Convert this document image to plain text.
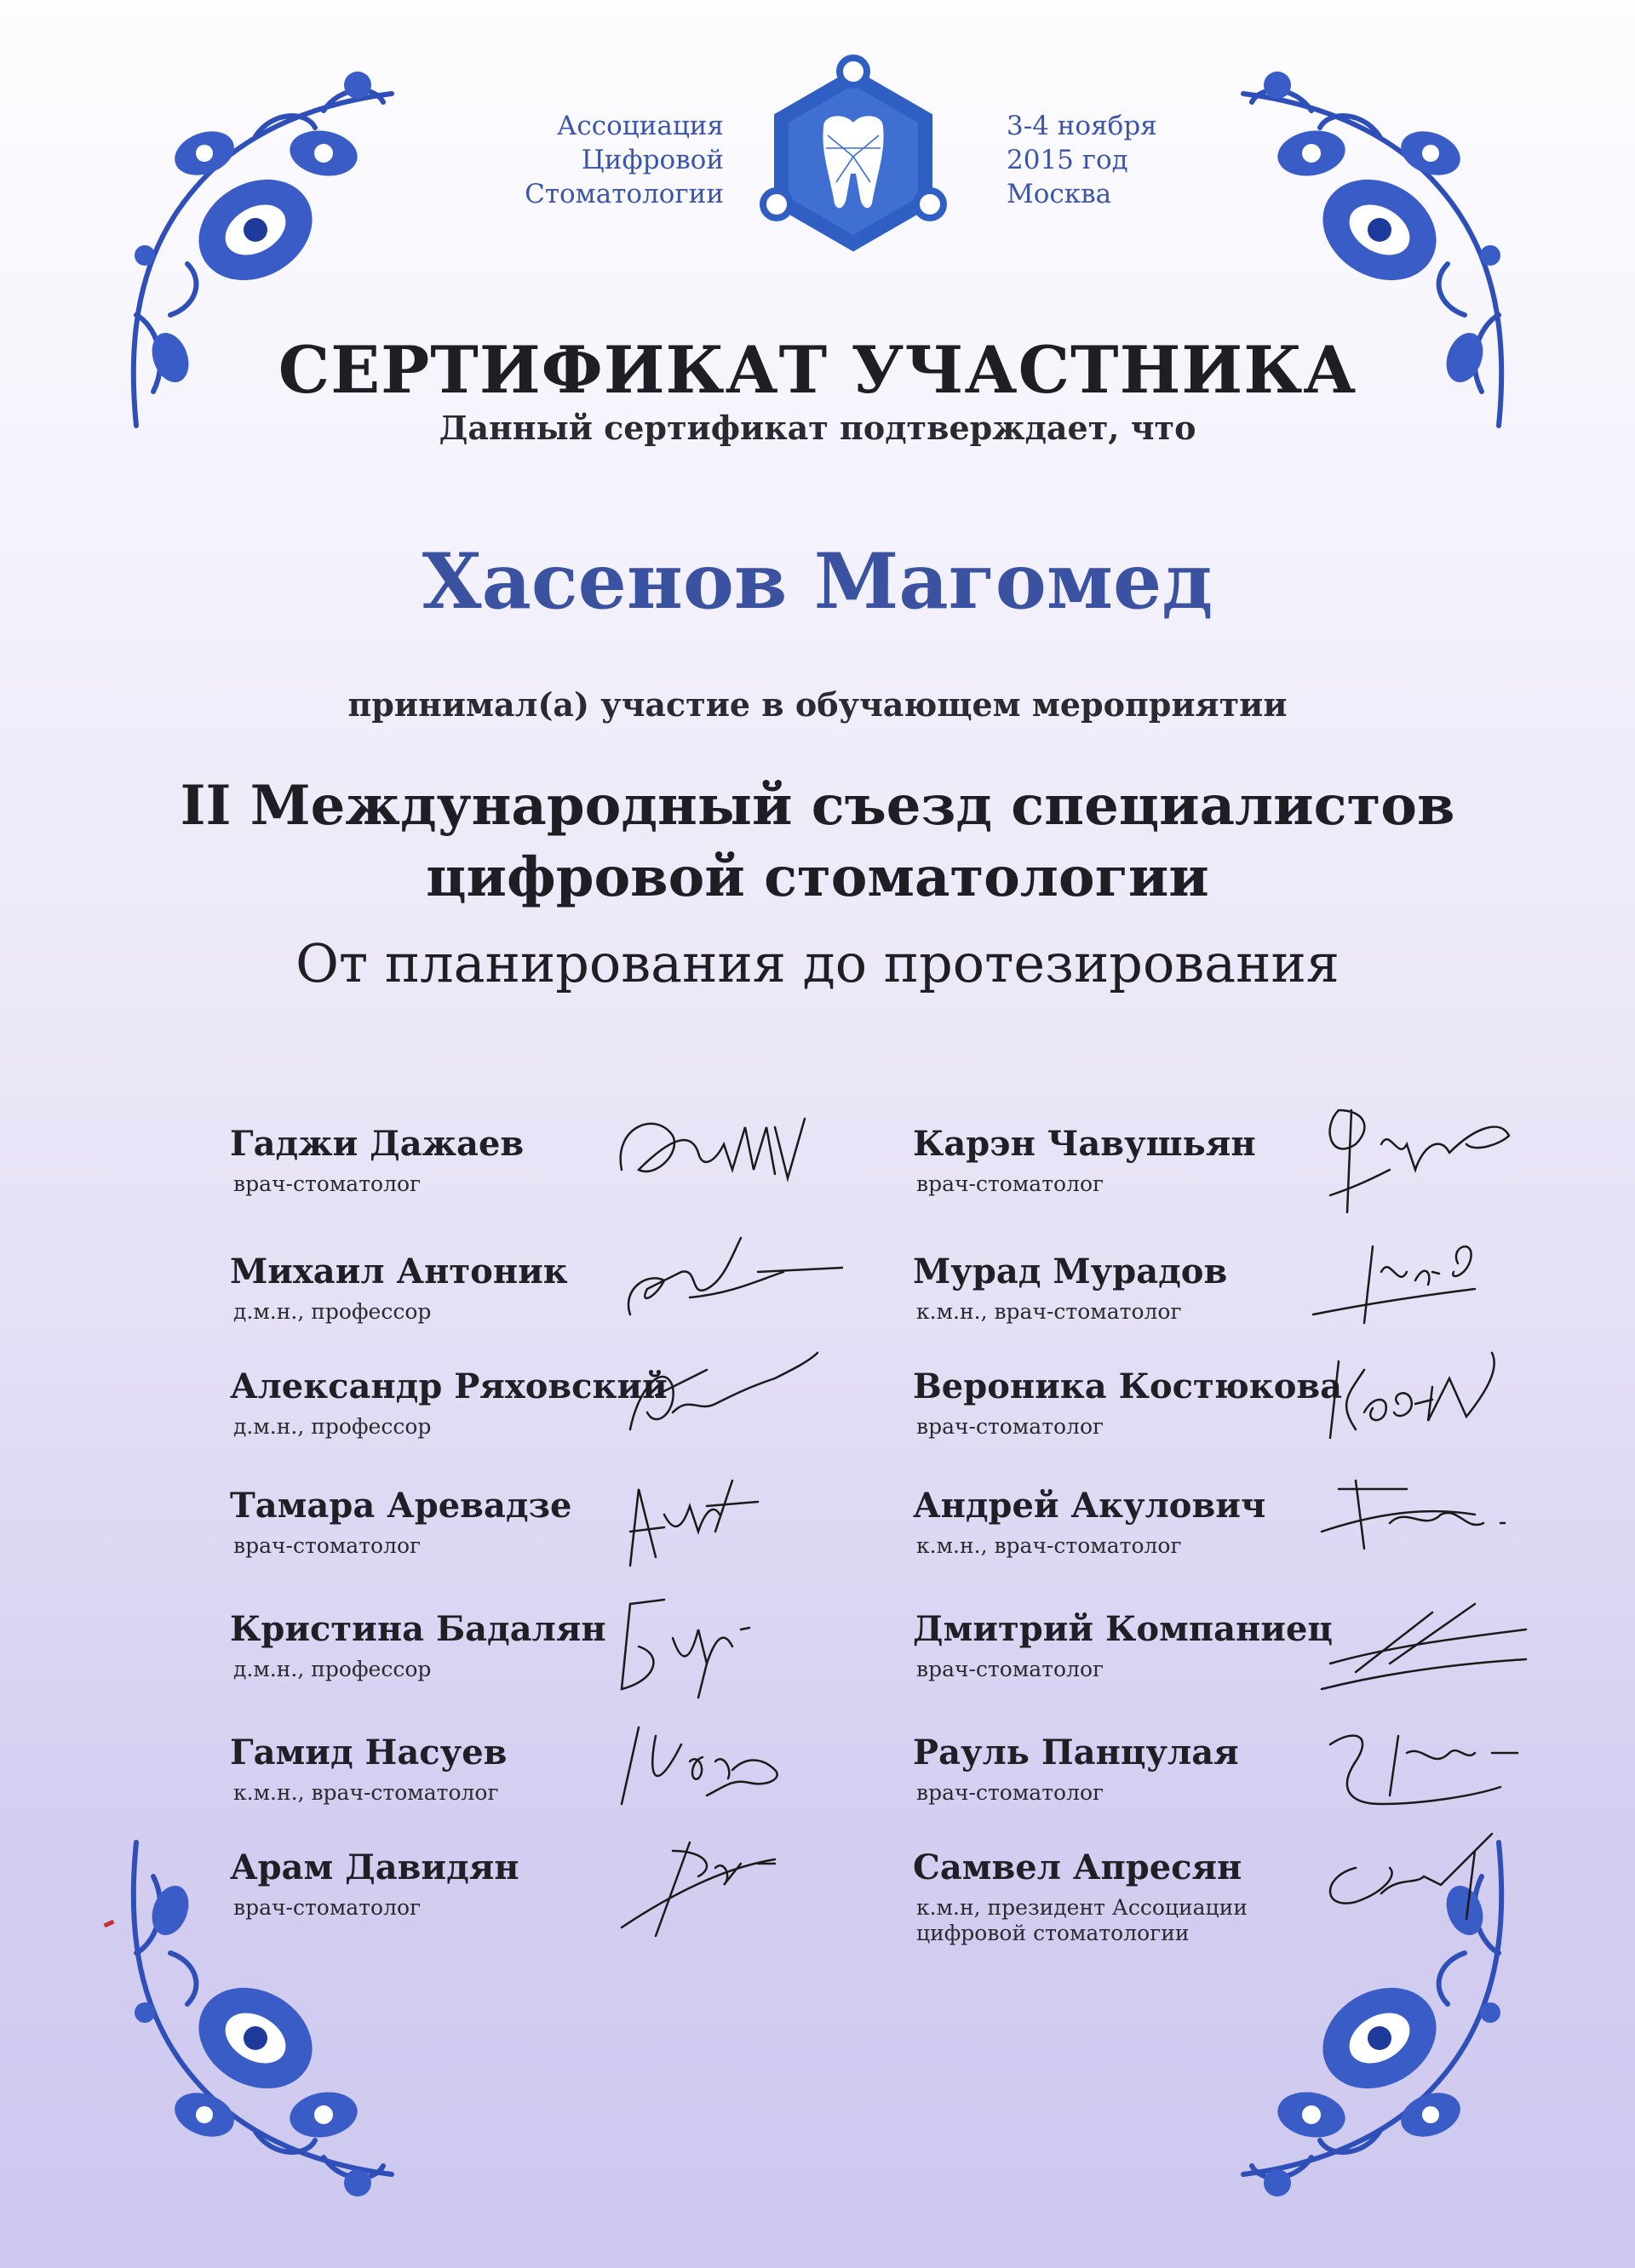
Ассоциация
Цифровой
Стоматологии
3-4 ноября
2015 год
Москва
СЕРТИФИКАТ УЧАСТНИКА
Данный сертификат подтверждает, что
Хасенов Магомед
принимал(а) участие в обучающем мероприятии
II Международный съезд специалистов
цифровой стоматологии
От планирования до протезирования
Гаджи Дажаев
врач-стоматолог
Михаил Антоник
д.м.н., профессор
Александр Ряховский
д.м.н., профессор
Тамара Аревадзе
врач-стоматолог
Кристина Бадалян
д.м.н., профессор
Гамид Насуев
к.м.н., врач-стоматолог
Арам Давидян
врач-стоматолог
Карэн Чавушьян
врач-стоматолог
Мурад Мурадов
к.м.н., врач-стоматолог
Вероника Костюкова
врач-стоматолог
Андрей Акулович
к.м.н., врач-стоматолог
Дмитрий Компаниец
врач-стоматолог
Рауль Панцулая
врач-стоматолог
Самвел Апресян
к.м.н, президент Ассоциации
цифровой стоматологии
